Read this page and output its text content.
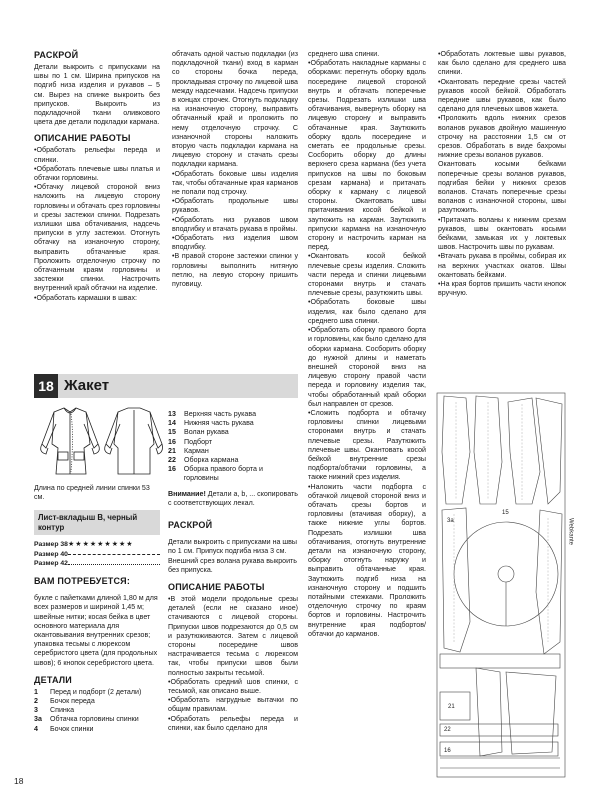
РАСКРОЙ

Детали выкроить с припусками на швы по 1 см. Ширина припусков на подгиб низа изделия и рукавов – 5 см. Вырез на спинке выкроить без припусков. Выкроить из подкладочной ткани оливкового цвета две детали подкладки кармана.

ОПИСАНИЕ РАБОТЫ

• Обработать рельефы переда и спинки.

• Обработать плечевые швы платья и обтачки горловины.

• Обтачку лицевой стороной вниз наложить на лицевую сторону горловины и обтачать срез горловины и срезы застежки спинки. Подрезать излишки шва обтачивания, надсечь припуски в углу застежки. Отогнуть обтачку на изнаночную сторону, выправить обтачанные края. Проложить отделочную строчку по обтачанным краям горловины и застежки спинки. Настрочить внутренний край обтачки на изделие.

• Обработать кармашки в швах:

обтачать одной частью подкладки (из подкладочной ткани) вход в карман со стороны бочка переда, прокладывая строчку по лицевой шва между надсечками. Надсечь припуски в концах строчек. Отогнуть подкладку на изнаночную сторону, выправить обтачанный край и проложить по нему отделочную строчку. С изнаночной стороны наложить вторую часть подкладки кармана на лицевую сторону и стачать срезы подкладки кармана.

• Обработать боковые швы изделия так, чтобы обтачанные края карманов не попали под строчку.

• Обработать продольные швы рукавов.

• Обработать низ рукавов швом вподгибку и втачать рукава в проймы.

• Обработать низ изделия швом вподгибку.

• В правой стороне застежки спинки у горловины выполнить нитяную петлю, на левую сторону пришить пуговицу.

среднего шва спинки.

• Обработать накладные карманы с оборками: перегнуть оборку вдоль посередине лицевой стороной внутрь и обтачать поперечные срезы. Подрезать излишки шва обтачивания, вывернуть оборку на лицевую сторону и выправить обтачанные края. Заутюжить оборку вдоль посередине и сметать ее продольные срезы. Сосборить оборку до длины верхнего среза кармана (без учета припусков на швы по боковым срезам кармана) и притачать оборку к карману с лицевой стороны. Окантовать швы притачивания косой бейкой и заутюжить на карман. Заутюжить припуски кармана на изнаночную сторону и настрочить карман на перед.

• Окантовать косой бейкой плечевые срезы изделия. Сложить части переда и спинки лицевыми сторонами внутрь и стачать плечевые срезы, разутюжить швы.

• Обработать боковые швы изделия, как было сделано для среднего шва спинки.

• Обработать оборку правого борта и горловины, как было сделано для оборки кармана. Сосборить оборку до нужной длины и наметать внешней стороной вниз на лицевую сторону правой части переда и горловину изделия так, чтобы обработанный край оборки был направлен от срезов.

• Сложить подборта и обтачку горловины спинки лицевыми сторонами внутрь и стачать плечевые срезы. Разутюжить плечевые швы. Окантовать косой бейкой внутренние срезы подборта/обтачки горловины, а также нижний срез изделия.

• Наложить части подборта с обтачкой лицевой стороной вниз и обтачать срезы бортов и горловины (втачивая оборку), а также нижние углы бортов. Подрезать излишки шва обтачивания, отогнуть внутренние детали на изнаночную сторону, оборку отогнуть наружу и выправить обтачанные края. Заутюжить подгиб низа на изнаночную сторону и подшить потайными стежками. Проложить отделочную строчку по краям бортов и горловины. Настрочить внутренние края подбортов/обтачки до карманов.

• Обработать локтевые швы рукавов, как было сделано для среднего шва спинки.

• Окантовать передние срезы частей рукавов косой бейкой. Обработать передние швы рукавов, как было сделано для плечевых швов жакета.

• Проложить вдоль нижних срезов воланов рукавов двойную машинную строчку на расстоянии 1,5 см от срезов. Обработать в виде бахромы нижние срезы воланов рукавов.

Окантовать косыми бейками поперечные срезы воланов рукавов, подгибая бейки у нижних срезов воланов. Стачать поперечные срезы воланов с изнаночной стороны, швы разутюжить.

• Притачать воланы к нижним срезам рукавов, швы окантовать косыми бейками, замыкая их у локтевых швов. Настрочить швы по рукавам.

• Втачать рукава в проймы, собирая их на верхних участках окатов. Швы окантовать бейками.

• На края бортов пришить части кнопок вручную.

18 Жакет
Длина по средней линии спинки 53 см.
13	Верхняя часть рукава
14	Нижняя часть рукава
15	Волан рукава
16	Подборт
21	Карман
22	Оборка кармана
16	Оборка правого борта и горловины
Внимание! Детали a, b, ... скопировать с соответствующих лекал.
Лист-вкладыш В, черный контур
Размер 38 ★ ★ ★ ★ ★ ★ ★ ★ ★
Размер 40
Размер 42
ВАМ ПОТРЕБУЕТСЯ:

букле с пайетками длиной 1,80 м для всех размеров и шириной 1,45 м; швейные нитки; косая бейка в цвет основного материала для окантовывания внутренних срезов; упаковка тесьмы с люрексом серебристого цвета (для продольных швов); 6 кнопок серебристого цвета.

ДЕТАЛИ
1	Перед и подборт (2 детали)
2	Бочок переда
3	Спинка
3a	Обтачка горловины спинки
4	Бочок спинки
РАСКРОЙ

Детали выкроить с припусками на швы по 1 см. Припуск подгиба низа 3 см. Внешний срез волана рукава выкроить без припуска.

ОПИСАНИЕ РАБОТЫ

• В этой модели продольные срезы деталей (если не сказано иное) стачиваются с лицевой стороны. Припуски швов подрезаются до 0,5 см и разутюживаются. Затем с лицевой стороны посередине швов настрачивается тесьма с люрексом так, чтобы припуски швов были полностью закрыты тесьмой.

• Обработать средний шов спинки, с тесьмой, как описано выше.

• Обработать нагрудные вытачки по общим правилам.

• Обработать рельефы переда и спинки, как было сделано для

3a
15
22
21
16
Webkante
18
